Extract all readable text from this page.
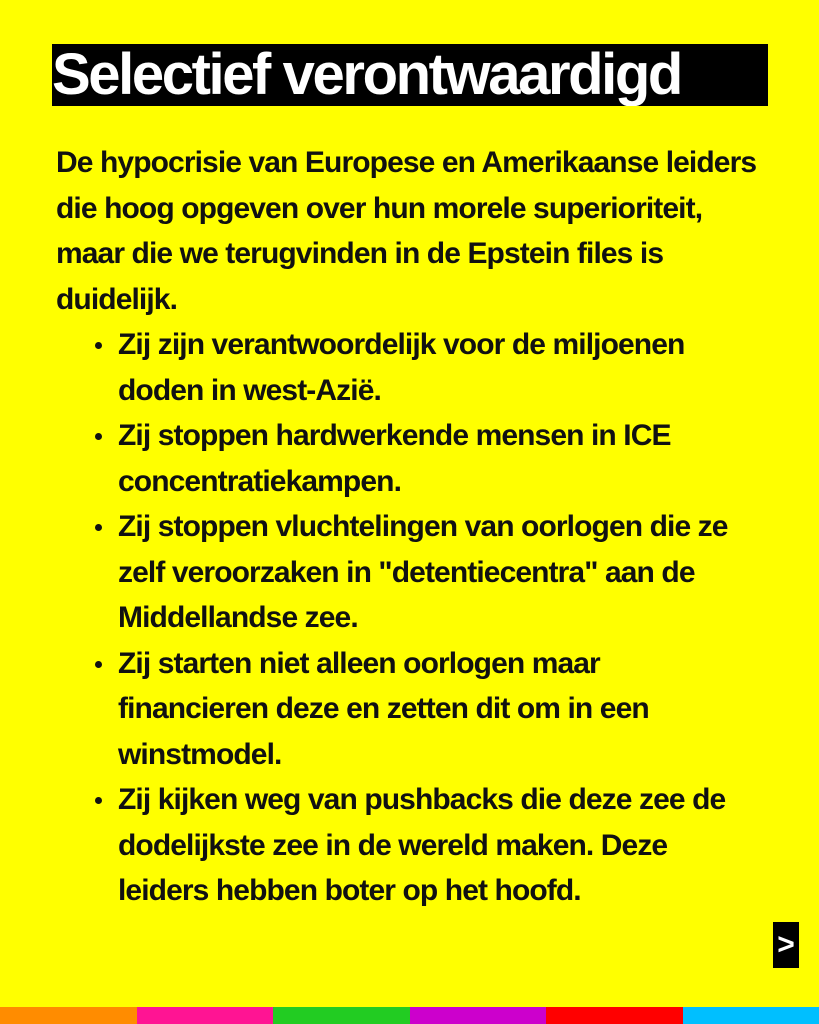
Selectief verontwaardigd

De hypocrisie van Europese en Amerikaanse leiders die hoog opgeven over hun morele superioriteit, maar die we terugvinden in de Epstein files is duidelijk.

Zij zijn verantwoordelijk voor de miljoenen doden in west-Azië.
Zij stoppen hardwerkende mensen in ICE concentratiekampen.
Zij stoppen vluchtelingen van oorlogen die ze zelf veroorzaken in "detentiecentra" aan de Middellandse zee.
Zij starten niet alleen oorlogen maar financieren deze en zetten dit om in een winstmodel.
Zij kijken weg van pushbacks die deze zee de dodelijkste zee in de wereld maken. Deze leiders hebben boter op het hoofd.
>
